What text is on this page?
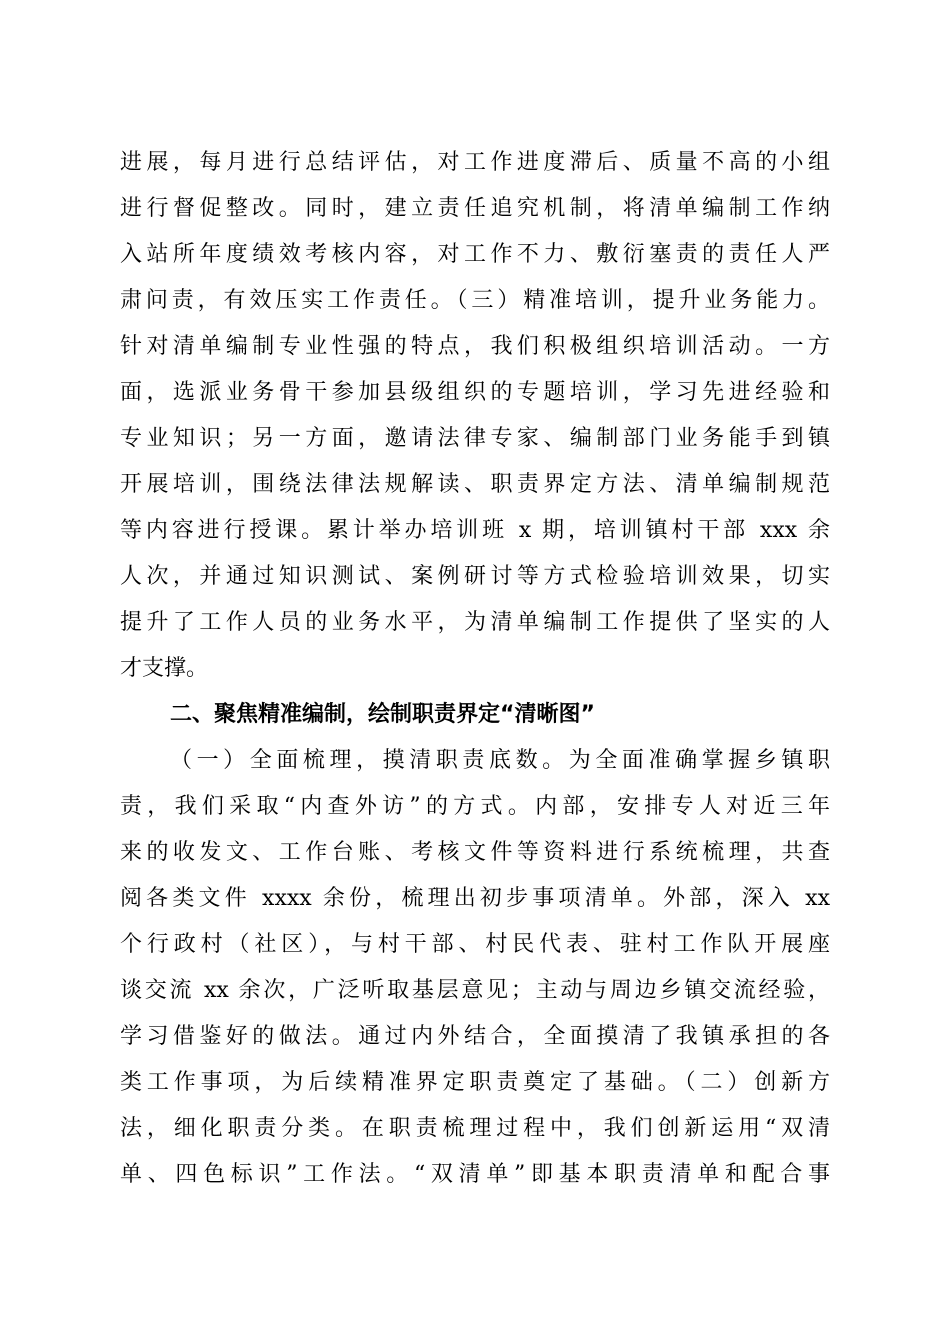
进展，每月进行总结评估，对工作进度滞后、质量不高的小组
进行督促整改。同时，建立责任追究机制，将清单编制工作纳
入站所年度绩效考核内容，对工作不力、敷衍塞责的责任人严
肃问责，有效压实工作责任。（三）精准培训，提升业务能力。
针对清单编制专业性强的特点，我们积极组织培训活动。一方
面，选派业务骨干参加县级组织的专题培训，学习先进经验和
专业知识；另一方面，邀请法律专家、编制部门业务能手到镇
开展培训，围绕法律法规解读、职责界定方法、清单编制规范
等内容进行授课。累计举办培训班 x 期，培训镇村干部 xxx 余
人次，并通过知识测试、案例研讨等方式检验培训效果，切实
提升了工作人员的业务水平，为清单编制工作提供了坚实的人
才支撑。
二、聚焦精准编制，绘制职责界定“清晰图”
（一）全面梳理，摸清职责底数。为全面准确掌握乡镇职
责，我们采取“内查外访”的方式。内部，安排专人对近三年
来的收发文、工作台账、考核文件等资料进行系统梳理，共查
阅各类文件 xxxx 余份，梳理出初步事项清单。外部，深入 xx
个行政村（社区），与村干部、村民代表、驻村工作队开展座
谈交流 xx 余次，广泛听取基层意见；主动与周边乡镇交流经验，
学习借鉴好的做法。通过内外结合，全面摸清了我镇承担的各
类工作事项，为后续精准界定职责奠定了基础。（二）创新方
法，细化职责分类。在职责梳理过程中，我们创新运用“双清
单、四色标识”工作法。“双清单”即基本职责清单和配合事
